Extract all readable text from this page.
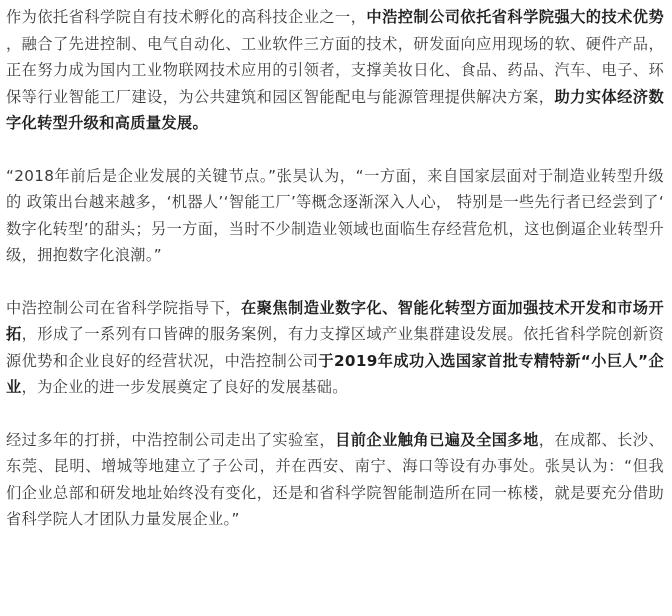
作为依托省科学院自有技术孵化的高科技企业之一，中浩控制公司依托省科学院强大的技术优势，融合了先进控制、电气自动化、工业软件三方面的技术，研发面向应用现场的软、硬件产品，正在努力成为国内工业物联网技术应用的引领者，支撑美妆日化、食品、药品、汽车、电子、环保等行业智能工厂建设，为公共建筑和园区智能配电与能源管理提供解决方案，助力实体经济数字化转型升级和高质量发展。

“2018年前后是企业发展的关键节点。”张昊认为，“一方面，来自国家层面对于制造业转型升级的 政策出台越来越多，‘机器人’‘智能工厂’等概念逐渐深入人心， 特别是一些先行者已经尝到了‘数字化转型’的甜头；另一方面，当时不少制造业领域也面临生存经营危机，这也倒逼企业转型升级，拥抱数字化浪潮。”

中浩控制公司在省科学院指导下，在聚焦制造业数字化、智能化转型方面加强技术开发和市场开拓，形成了一系列有口皆碑的服务案例，有力支撑区域产业集群建设发展。依托省科学院创新资源优势和企业良好的经营状况，中浩控制公司于2019年成功入选国家首批专精特新“小巨人”企业，为企业的进一步发展奠定了良好的发展基础。

经过多年的打拼，中浩控制公司走出了实验室，目前企业触角已遍及全国多地，在成都、长沙、东莞、昆明、增城等地建立了子公司，并在西安、南宁、海口等设有办事处。张昊认为：“但我们企业总部和研发地址始终没有变化，还是和省科学院智能制造所在同一栋楼，就是要充分借助省科学院人才团队力量发展企业。”
